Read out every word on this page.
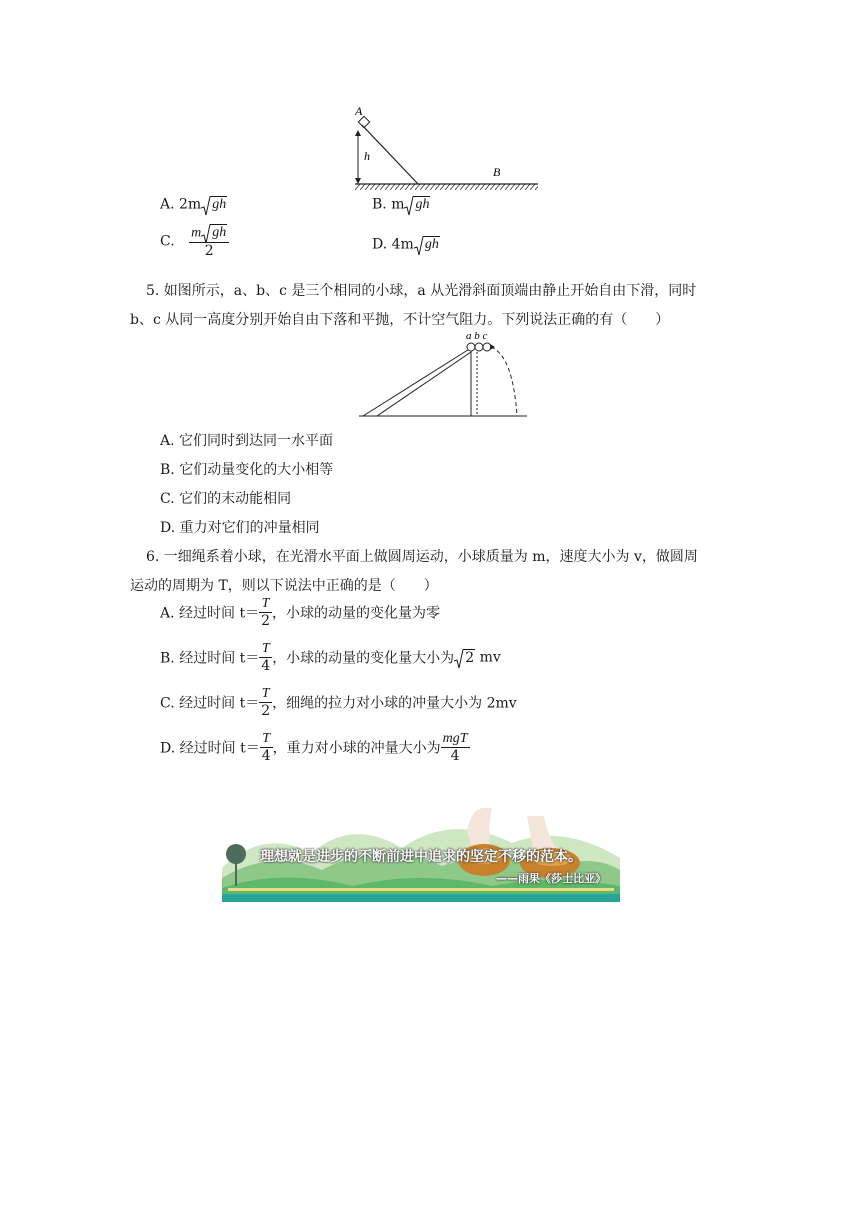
A
h
B
A. 2m gh	B. m gh
C. $\frac{\text{m gh}}{2}$	D. 4m gh
5. 如图所示，a、b、c 是三个相同的小球，a 从光滑斜面顶端由静止开始自由下滑，同时
b、c 从同一高度分别开始自由下落和平抛，不计空气阻力。下列说法正确的有（　　）
a b c
A. 它们同时到达同一水平面
B. 它们动量变化的大小相等
C. 它们的末动能相同
D. 重力对它们的冲量相同
6. 一细绳系着小球，在光滑水平面上做圆周运动，小球质量为 m，速度大小为 v，做圆周
运动的周期为 T，则以下说法中正确的是（　　）
A. 经过时间 $t= \frac{T}{2}$ ，小球的动量的变化量为零
B. 经过时间 $t= \frac{T}{4}$ ，小球的动量的变化量大小为 2 mv
C. 经过时间 $t= \frac{T}{2}$ ，细绳的拉力对小球的冲量大小为 2mv
D. 经过时间 $t= \frac{T}{4}$ ，重力对小球的冲量大小为 $\frac{\text{mgT}}{4}$
理想就是进步的不断前进中追求的坚定不移的范本。
——雨果《莎士比亚》
